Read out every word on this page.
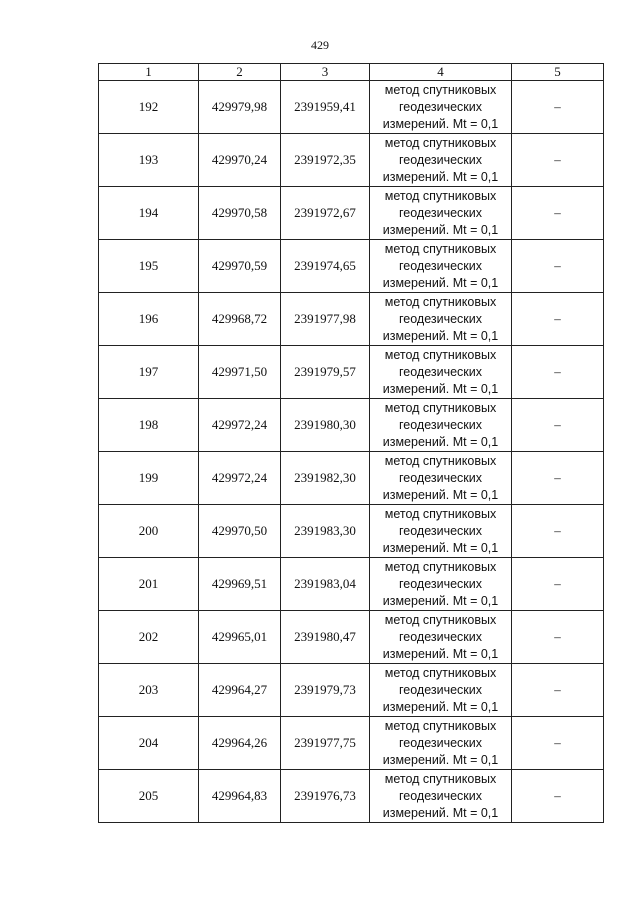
429
1	2	3	4	5
192	429979,98	2391959,41	метод спутниковых
геодезических
измерений. Mt = 0,1	–
193	429970,24	2391972,35	метод спутниковых
геодезических
измерений. Mt = 0,1	–
194	429970,58	2391972,67	метод спутниковых
геодезических
измерений. Mt = 0,1	–
195	429970,59	2391974,65	метод спутниковых
геодезических
измерений. Mt = 0,1	–
196	429968,72	2391977,98	метод спутниковых
геодезических
измерений. Mt = 0,1	–
197	429971,50	2391979,57	метод спутниковых
геодезических
измерений. Mt = 0,1	–
198	429972,24	2391980,30	метод спутниковых
геодезических
измерений. Mt = 0,1	–
199	429972,24	2391982,30	метод спутниковых
геодезических
измерений. Mt = 0,1	–
200	429970,50	2391983,30	метод спутниковых
геодезических
измерений. Mt = 0,1	–
201	429969,51	2391983,04	метод спутниковых
геодезических
измерений. Mt = 0,1	–
202	429965,01	2391980,47	метод спутниковых
геодезических
измерений. Mt = 0,1	–
203	429964,27	2391979,73	метод спутниковых
геодезических
измерений. Mt = 0,1	–
204	429964,26	2391977,75	метод спутниковых
геодезических
измерений. Mt = 0,1	–
205	429964,83	2391976,73	метод спутниковых
геодезических
измерений. Mt = 0,1	–
